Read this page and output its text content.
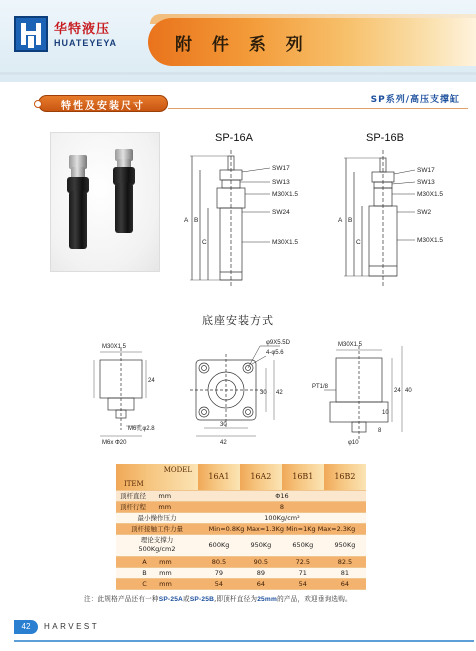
华特液压
HUATEYEYA	附 件 系 列
特性及安装尺寸
SP系列/高压支撑缸
SP-16A	SP-16B
SW17
SW13
M30X1.5
SW24
M30X1.5
A B
C
SW17
SW13
M30X1.5
SW2
M30X1.5
A B
C
底座安装方式
M30X1.5
24
M6孔φ2.8
M6x Φ20
φ9X5.5D
4-φ5.6
30
42
30 42
M30X1.5
PT1/8
24 40
8
10
φ10
MODEL
ITEM	16A1	16A2	16B1	16B2
顶杆直径 mm	Φ16			
顶杆行程 mm	8			
最小操作压力	100Kg/cm²			
顶杆接触工件力量	Min=0.8Kg Max=1.3Kg Min=1Kg Max=2.3Kg			
理论支撑力
500Kg/cm2	600Kg	950Kg	650Kg	950Kg
A mm	80.5	90.5	72.5	82.5
B mm	79	89	71	81
C mm	54	64	54	64
注：此规格产品还有一种SP-25A或SP-25B,即顶杆直径为25mm的产品，欢迎垂询选购。
42	HARVEST
